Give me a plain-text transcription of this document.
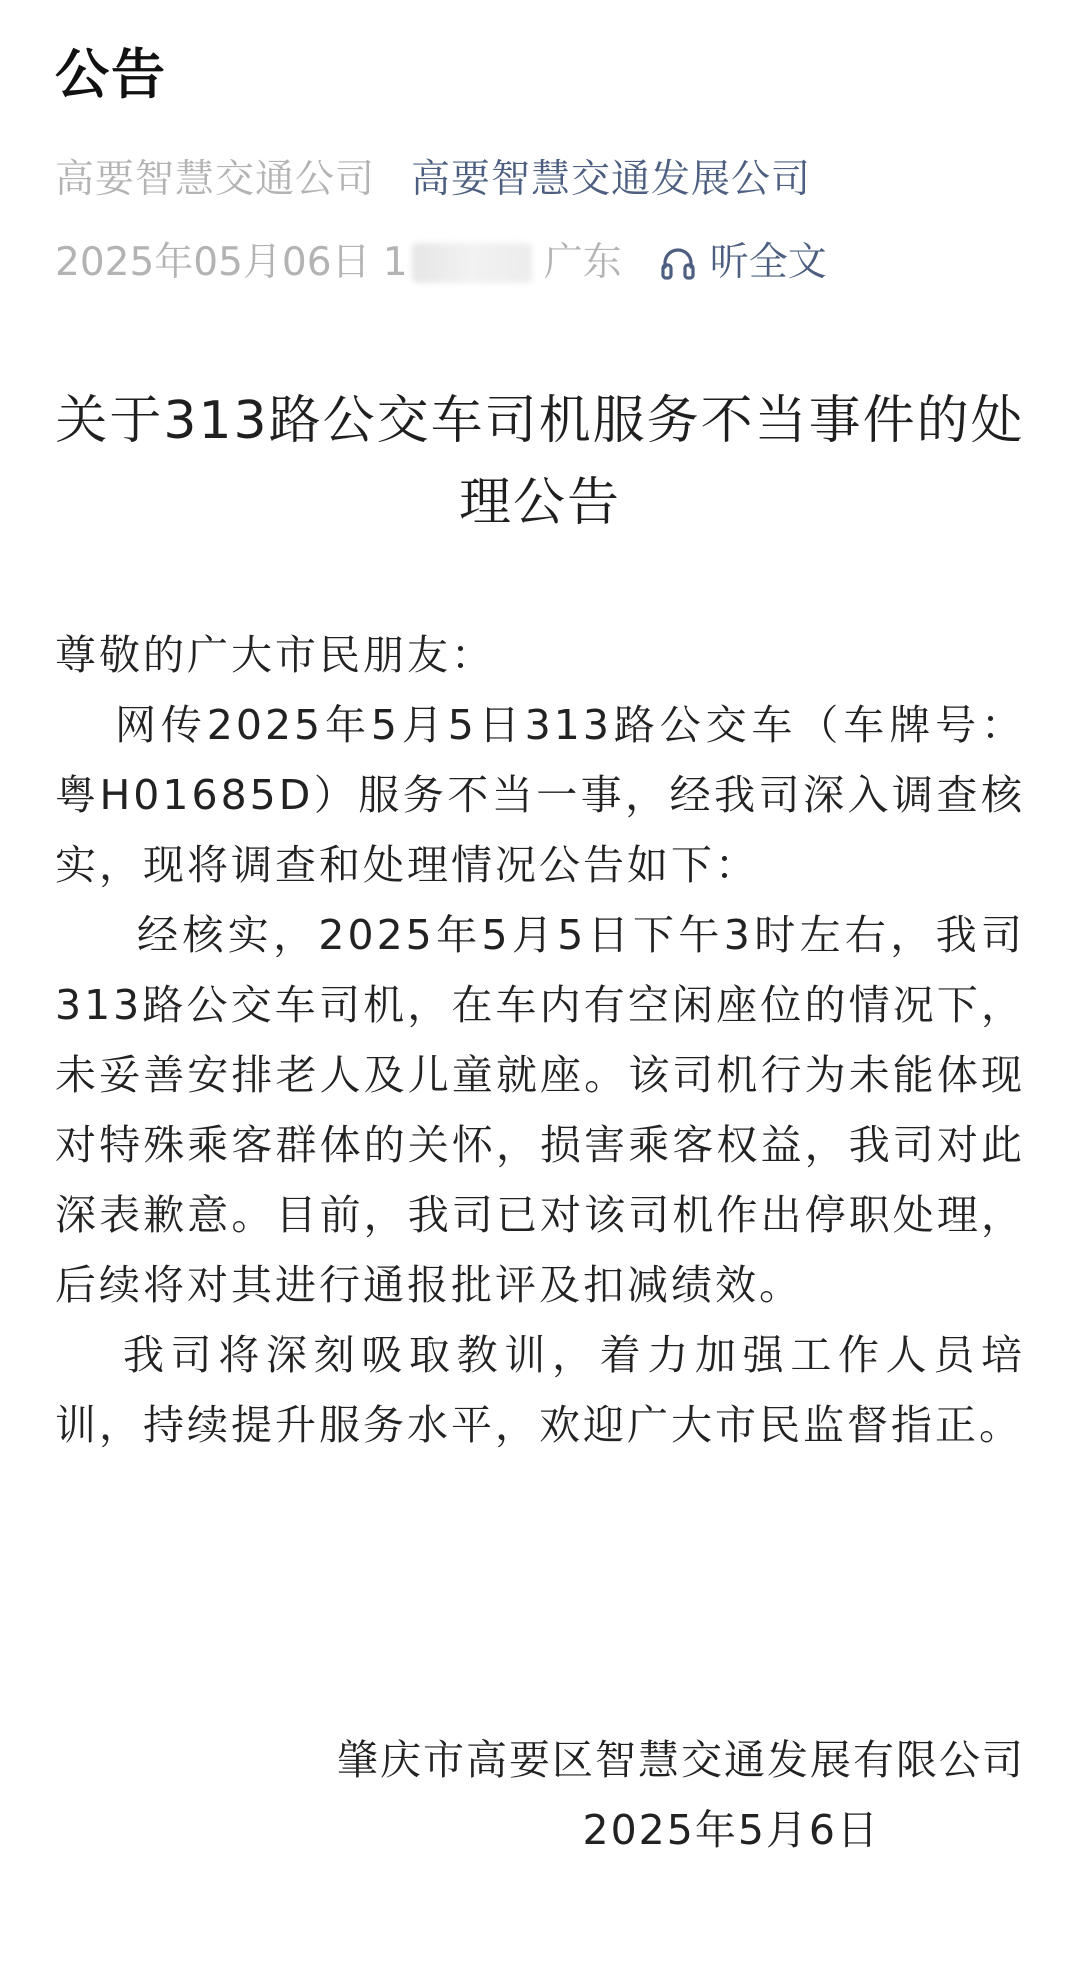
公告
高要智慧交通公司 高要智慧交通发展公司
2025年05月06日 1	广东 听全文
关于313路公交车司机服务不当事件的处理公告
尊敬的广大市民朋友：
网传2025年5月5日313路公交车（车牌号：粤H01685D）服务不当一事，经我司深入调查核实，现将调查和处理情况公告如下：
经核实，2025年5月5日下午3时左右，我司313路公交车司机，在车内有空闲座位的情况下，未妥善安排老人及儿童就座。该司机行为未能体现对特殊乘客群体的关怀，损害乘客权益，我司对此深表歉意。目前，我司已对该司机作出停职处理，后续将对其进行通报批评及扣减绩效。
我司将深刻吸取教训，着力加强工作人员培训，持续提升服务水平，欢迎广大市民监督指正。
肇庆市高要区智慧交通发展有限公司
2025年5月6日
